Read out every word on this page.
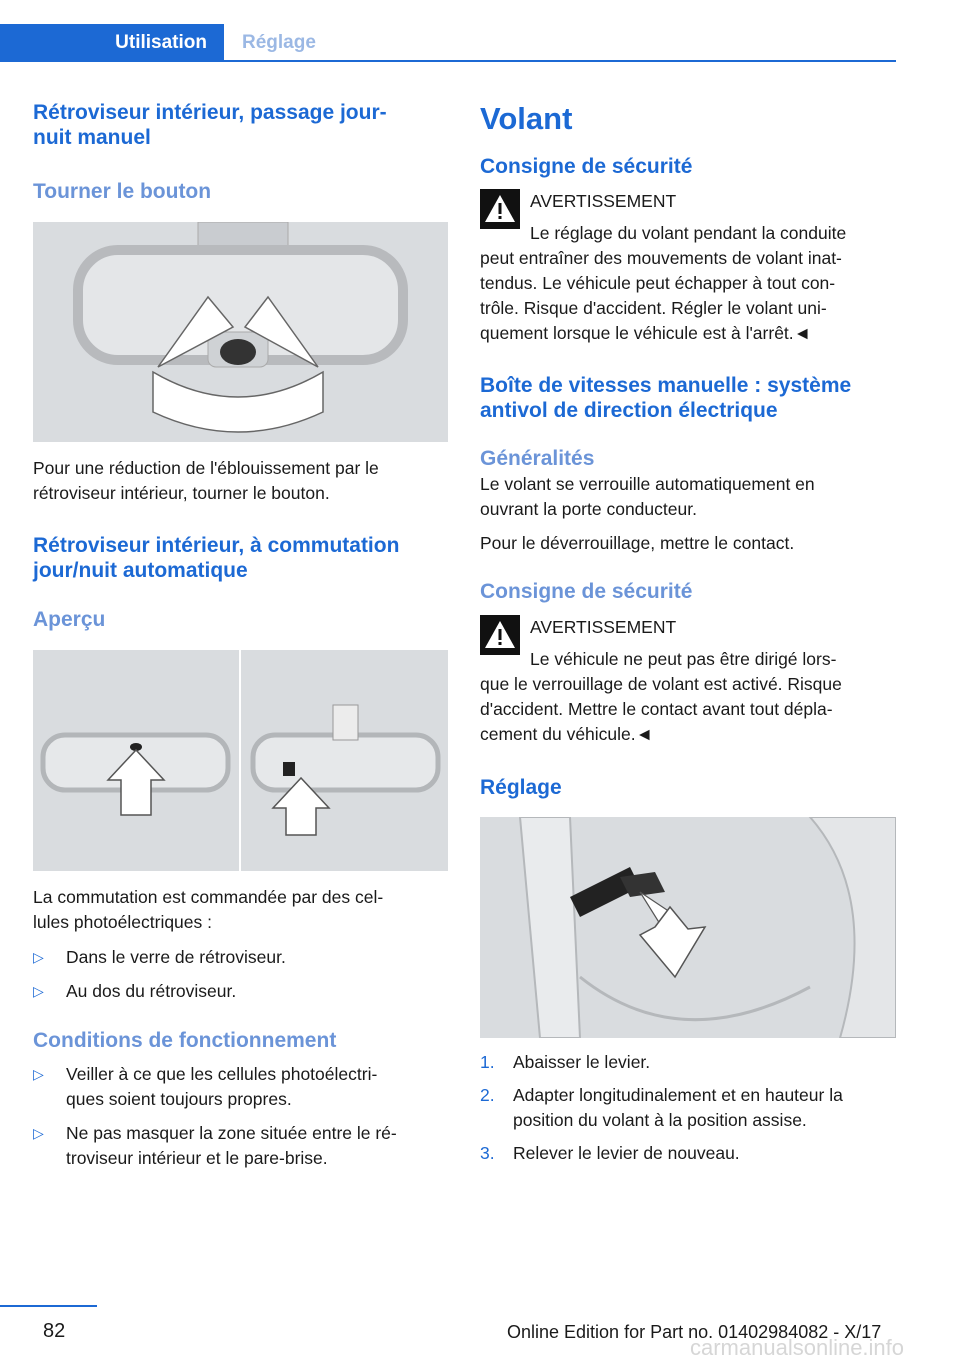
Utilisation	Réglage
Rétroviseur intérieur, passage jour-
nuit manuel
Tourner le bouton

Pour une réduction de l'éblouissement par le
rétroviseur intérieur, tourner le bouton.

Rétroviseur intérieur, à commutation
jour/nuit automatique
Aperçu

La commutation est commandée par des cel-
lules photoélectriques :

▷ Dans le verre de rétroviseur.
▷ Au dos du rétroviseur.
Conditions de fonctionnement
▷ Veiller à ce que les cellules photoélectri-
ques soient toujours propres.
▷ Ne pas masquer la zone située entre le ré-
troviseur intérieur et le pare-brise.
Volant
Consigne de sécurité

AVERTISSEMENT

Le réglage du volant pendant la conduite
peut entraîner des mouvements de volant inat-
tendus. Le véhicule peut échapper à tout con-
trôle. Risque d'accident. Régler le volant uni-
quement lorsque le véhicule est à l'arrêt.◄

Boîte de vitesses manuelle : système
antivol de direction électrique
Généralités

Le volant se verrouille automatiquement en
ouvrant la porte conducteur.

Pour le déverrouillage, mettre le contact.

Consigne de sécurité

AVERTISSEMENT

Le véhicule ne peut pas être dirigé lors-
que le verrouillage de volant est activé. Risque
d'accident. Mettre le contact avant tout dépla-
cement du véhicule.◄

Réglage
1. Abaisser le levier.
2. Adapter longitudinalement et en hauteur la
position du volant à la position assise.
3. Relever le levier de nouveau.
82	Online Edition for Part no. 01402984082 - X/17
carmanualsonline.info
